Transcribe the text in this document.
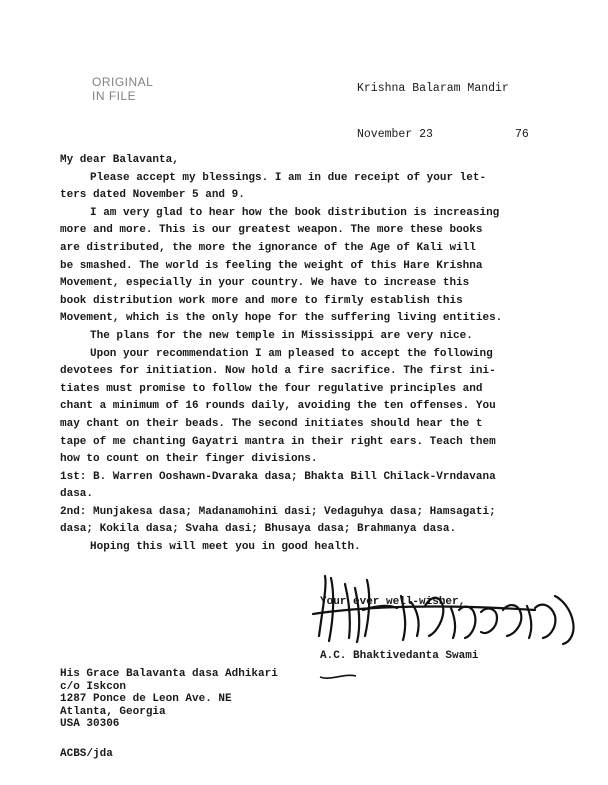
ORIGINAL
IN FILE
Krishna Balaram Mandir
November 23	76
My dear Balavanta,
Please accept my blessings. I am in due receipt of your let-
ters dated November 5 and 9.
I am very glad to hear how the book distribution is increasing
more and more. This is our greatest weapon. The more these books
are distributed, the more the ignorance of the Age of Kali will
be smashed. The world is feeling the weight of this Hare Krishna
Movement, especially in your country. We have to increase this
book distribution work more and more to firmly establish this
Movement, which is the only hope for the suffering living entities.
The plans for the new temple in Mississippi are very nice.
Upon your recommendation I am pleased to accept the following
devotees for initiation. Now hold a fire sacrifice. The first ini-
tiates must promise to follow the four regulative principles and
chant a minimum of 16 rounds daily, avoiding the ten offenses. You
may chant on their beads. The second initiates should hear the t
tape of me chanting Gayatri mantra in their right ears. Teach them
how to count on their finger divisions.
1st: B. Warren Ooshawn-Dvaraka dasa; Bhakta Bill Chilack-Vrndavana
dasa.
2nd: Munjakesa dasa; Madanamohini dasi; Vedaguhya dasa; Hamsagati;
dasa; Kokila dasa; Svaha dasi; Bhusaya dasa; Brahmanya dasa.
Hoping this will meet you in good health.
Your ever well-wisher,
A.C. Bhaktivedanta Swami
His Grace Balavanta dasa Adhikari
c/o Iskcon
1287 Ponce de Leon Ave. NE
Atlanta, Georgia
USA 30306
ACBS/jda
